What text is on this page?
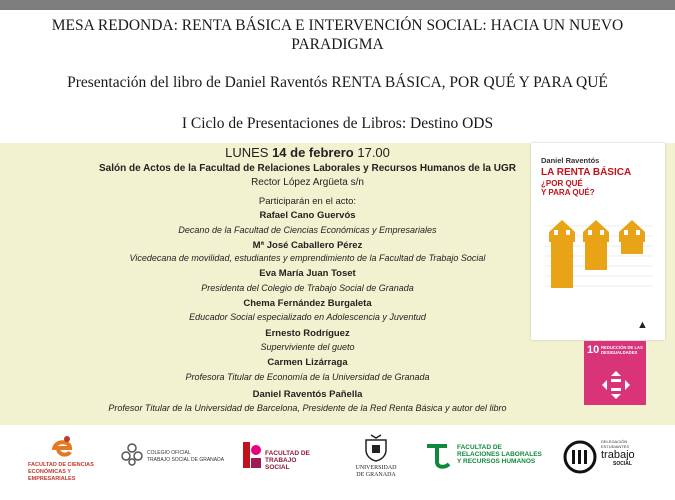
MESA REDONDA: RENTA BÁSICA E INTERVENCIÓN SOCIAL: HACIA UN NUEVO
PARADIGMA
Presentación del libro de Daniel Raventós RENTA BÁSICA, POR QUÉ Y PARA QUÉ
I Ciclo de Presentaciones de Libros: Destino ODS
LUNES 14 de febrero 17.00
Salón de Actos de la Facultad de Relaciones Laborales y Recursos Humanos de la UGR
Rector López Argüeta s/n
Participarán en el acto:
Rafael Cano Guervós
Decano de la Facultad de Ciencias Económicas y Empresariales
Mª José Caballero Pérez
Vicedecana de movilidad, estudiantes y emprendimiento de la Facultad de Trabajo Social
Eva María Juan Toset
Presidenta del Colegio de Trabajo Social de Granada
Chema Fernández Burgaleta
Educador Social especializado en Adolescencia y Juventud
Ernesto Rodríguez
Superviviente del gueto
Carmen Lizárraga
Profesora Titular de Economía de la Universidad de Granada
Daniel Raventós Pañella
Profesor Titular de la Universidad de Barcelona, Presidente de la Red Renta Básica y autor del libro
Daniel Raventós
LA RENTA BÁSICA
¿POR QUÉ
Y PARA QUÉ?
▲
10 REDUCCIÓN DE LAS
DESIGUALDADES
FACULTAD DE CIENCIAS
ECONÓMICAS Y EMPRESARIALES
COLEGIO OFICIAL
TRABAJO SOCIAL DE GRANADA
FACULTAD DE
TRABAJO SOCIAL	UNIVERSIDAD
DE GRANADA
FACULTAD DE
RELACIONES LABORALES
Y RECURSOS HUMANOS
DELEGACIÓN
ESTUDIANTES
trabajo
SOCIAL
